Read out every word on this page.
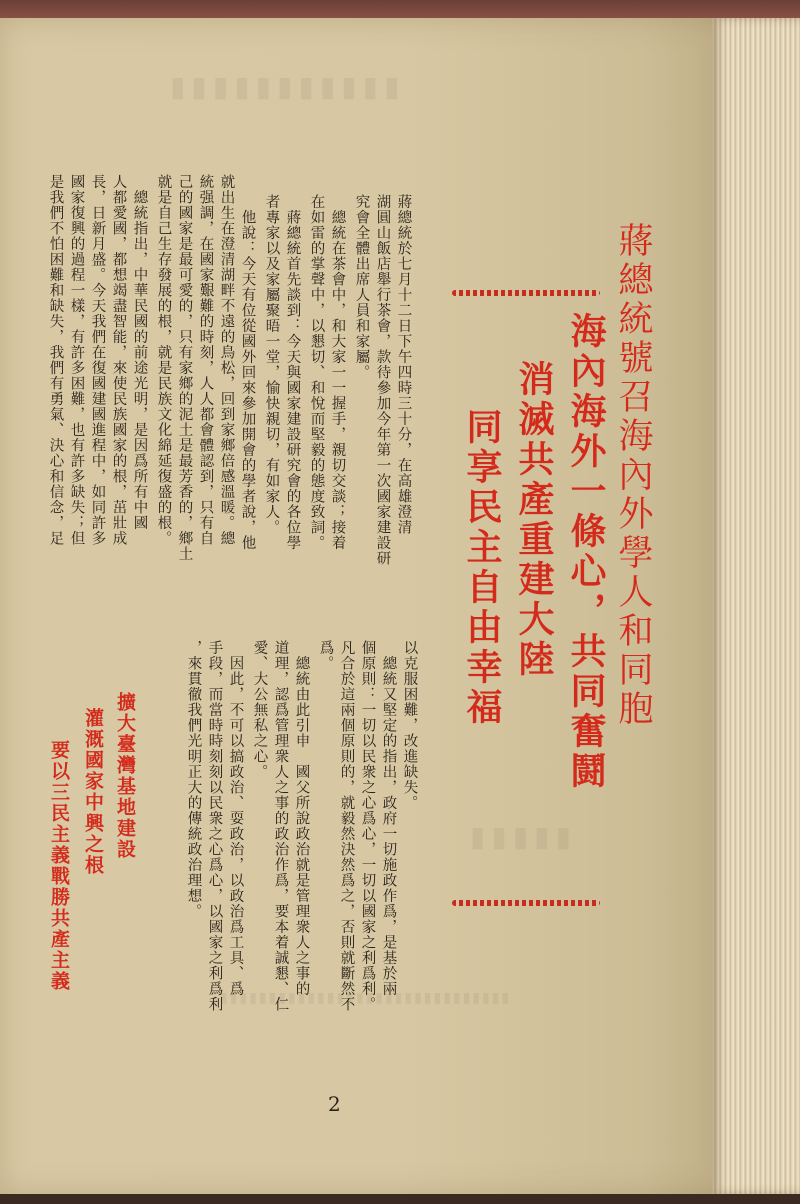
▮▮▮▮▮▮▮▮▮▮▮
▮▮▮▮▮
▮▮▮▮▮▮▮▮▮▮▮▮▮▮▮▮▮▮▮▮▮▮▮▮▮▮▮▮▮▮
蔣總統號召海內外學人和同胞
海內海外一條心，共同奮鬪
消滅共產重建大陸
同享民主自由幸福
蔣總統於七月十二日下午四時三十分，在高雄澄清
湖圓山飯店舉行茶會，款待參加今年第一次國家建設研
究會全體出席人員和家屬。
　總統在茶會中，和大家一一握手，親切交談；接着
在如雷的掌聲中，以懇切、和悅而堅毅的態度致詞。
　蔣總統首先談到：今天與國家建設研究會的各位學
者專家以及家屬聚晤一堂，愉快親切，有如家人。
　他說：今天有位從國外回來參加開會的學者說，他
就出生在澄清湖畔不遠的鳥松，回到家鄉倍感溫暖。總
統强調，在國家艱難的時刻，人人都會體認到，只有自
己的國家是最可愛的，只有家鄉的泥土是最芳香的，鄉土
就是自己生存發展的根，就是民族文化綿延復盛的根。
　總統指出，中華民國的前途光明，是因爲所有中國
人都愛國，都想竭盡智能，來使民族國家的根，茁壯成
長，日新月盛。今天我們在復國建國進程中，如同許多
國家復興的過程一樣，有許多困難，也有許多缺失；但
是我們不怕困難和缺失，我們有勇氣、決心和信念，足
以克服困難，改進缺失。
　總統又堅定的指出，政府一切施政作爲，是基於兩
個原則：一切以民衆之心爲心，一切以國家之利爲利。
凡合於這兩個原則的，就毅然決然爲之，否則就斷然不
爲。
　總統由此引申　國父所說政治就是管理衆人之事的
道理，認爲管理衆人之事的政治作爲，要本着誠懇、仁
愛、大公無私之心。
　因此，不可以搞政治、耍政治，以政治爲工具、爲
手段，而當時時刻刻以民衆之心爲心，以國家之利爲利
，來貫徹我們光明正大的傳統政治理想。
擴大臺灣基地建設
灌溉國家中興之根
要以三民主義戰勝共產主義
2
